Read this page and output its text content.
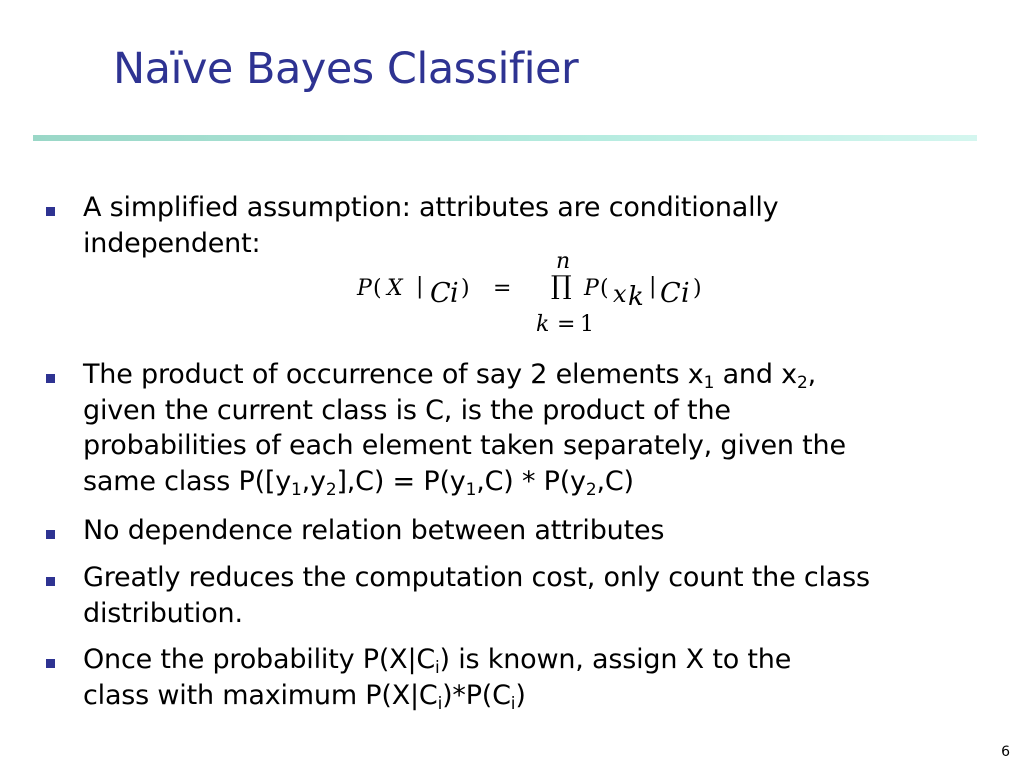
Naïve Bayes Classifier
A simplified assumption: attributes are conditionally
independent:
P ( X | C i ) =
n
∏
k = 1
P ( x k | C i )
The product of occurrence of say 2 elements $x_1$ and $x_2$,
given the current class is C, is the product of the
probabilities of each element taken separately, given the
same class $P([y_1,y_2],C) = P(y_1,C) * P(y_2,C)$
No dependence relation between attributes
Greatly reduces the computation cost, only count the class
distribution.
Once the probability $P(X|C_i)$ is known, assign X to the
class with maximum $P(X|C_i)*P(C_i)$
6
